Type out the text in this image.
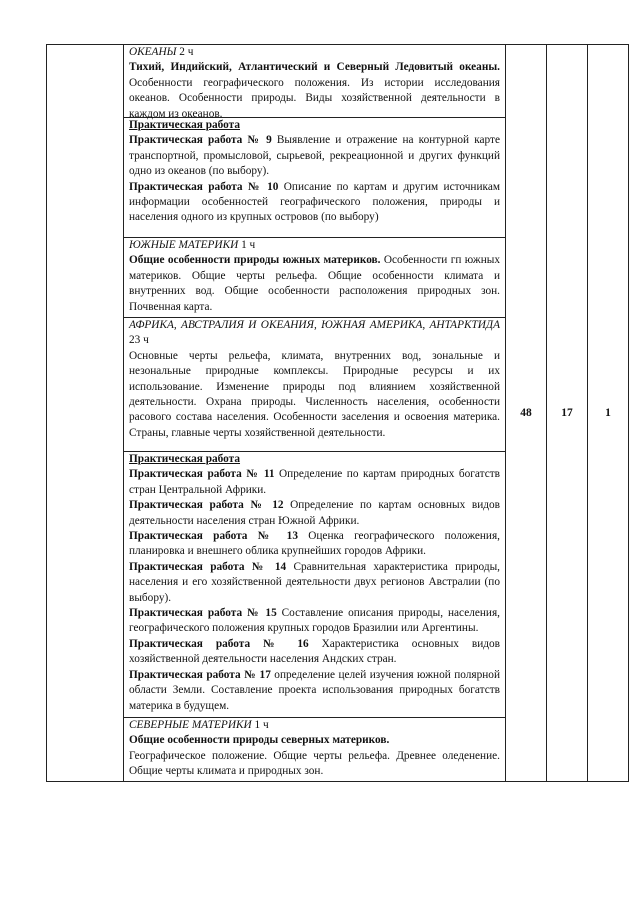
ОКЕАНЫ 2 ч
Тихий, Индийский, Атлантический и Северный Ледовитый океаны. Особенности географического положения. Из истории исследования океанов. Особенности природы. Виды хозяйственной деятельности в каждом из океанов.

Практическая работа

Практическая работа № 9 Выявление и отражение на контурной карте транспортной, промысловой, сырьевой, рекреационной и других функций одно из океанов (по выбору).

Практическая работа № 10 Описание по картам и другим источникам информации особенностей географического положения, природы и населения одного из крупных островов (по выбору)

ЮЖНЫЕ МАТЕРИКИ 1 ч
Общие особенности природы южных материков. Особенности гп южных материков. Общие черты рельефа. Общие особенности климата и внутренних вод. Общие особенности расположения природных зон. Почвенная карта.

АФРИКА, АВСТРАЛИЯ И ОКЕАНИЯ, ЮЖНАЯ АМЕРИКА, АНТАРКТИДА 23 ч
Основные черты рельефа, климата, внутренних вод, зональные и незональные природные комплексы. Природные ресурсы и их использование. Изменение природы под влиянием хозяйственной деятельности. Охрана природы. Численность населения, особенности расового состава населения. Особенности заселения и освоения материка. Страны, главные черты хозяйственной деятельности.

Практическая работа

Практическая работа № 11 Определение по картам природных богатств стран Центральной Африки.

Практическая работа № 12 Определение по картам основных видов деятельности населения стран Южной Африки.

Практическая работа № 13 Оценка географического положения, планировка и внешнего облика крупнейших городов Африки.

Практическая работа № 14 Сравнительная характеристика природы, населения и его хозяйственной деятельности двух регионов Австралии (по выбору).

Практическая работа № 15 Составление описания природы, населения, географического положения крупных городов Бразилии или Аргентины.

Практическая работа № 16 Характеристика основных видов хозяйственной деятельности населения Андских стран.

Практическая работа № 17 определение целей изучения южной полярной области Земли. Составление проекта использования природных богатств материка в будущем.

СЕВЕРНЫЕ МАТЕРИКИ 1 ч
Общие особенности природы северных материков.
Географическое положение. Общие черты рельефа. Древнее оледенение. Общие черты климата и природных зон.

	48	17	1
